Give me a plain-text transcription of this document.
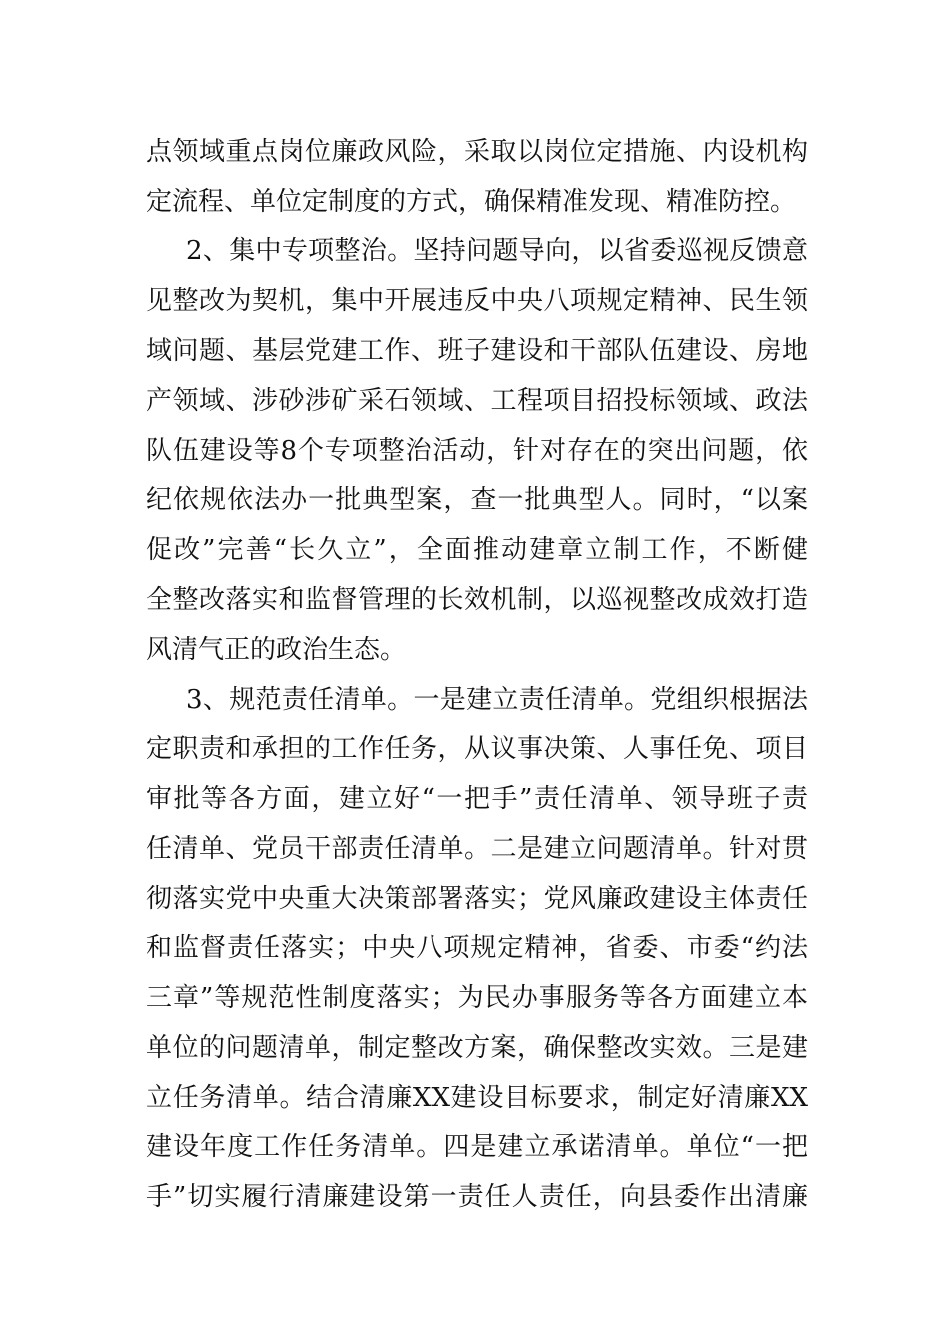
点领域重点岗位廉政风险，采取以岗位定措施、内设机构
定流程、单位定制度的方式，确保精准发现、精准防控。
2、集中专项整治。坚持问题导向，以省委巡视反馈意
见整改为契机，集中开展违反中央八项规定精神、民生领
域问题、基层党建工作、班子建设和干部队伍建设、房地
产领域、涉砂涉矿采石领域、工程项目招投标领域、政法
队伍建设等8个专项整治活动，针对存在的突出问题，依
纪依规依法办一批典型案，查一批典型人。同时，“以案
促改”完善“长久立”，全面推动建章立制工作，不断健
全整改落实和监督管理的长效机制，以巡视整改成效打造
风清气正的政治生态。
3、规范责任清单。一是建立责任清单。党组织根据法
定职责和承担的工作任务，从议事决策、人事任免、项目
审批等各方面，建立好“一把手”责任清单、领导班子责
任清单、党员干部责任清单。二是建立问题清单。针对贯
彻落实党中央重大决策部署落实；党风廉政建设主体责任
和监督责任落实；中央八项规定精神，省委、市委“约法
三章”等规范性制度落实；为民办事服务等各方面建立本
单位的问题清单，制定整改方案，确保整改实效。三是建
立任务清单。结合清廉XX建设目标要求，制定好清廉XX
建设年度工作任务清单。四是建立承诺清单。单位“一把
手”切实履行清廉建设第一责任人责任，向县委作出清廉
